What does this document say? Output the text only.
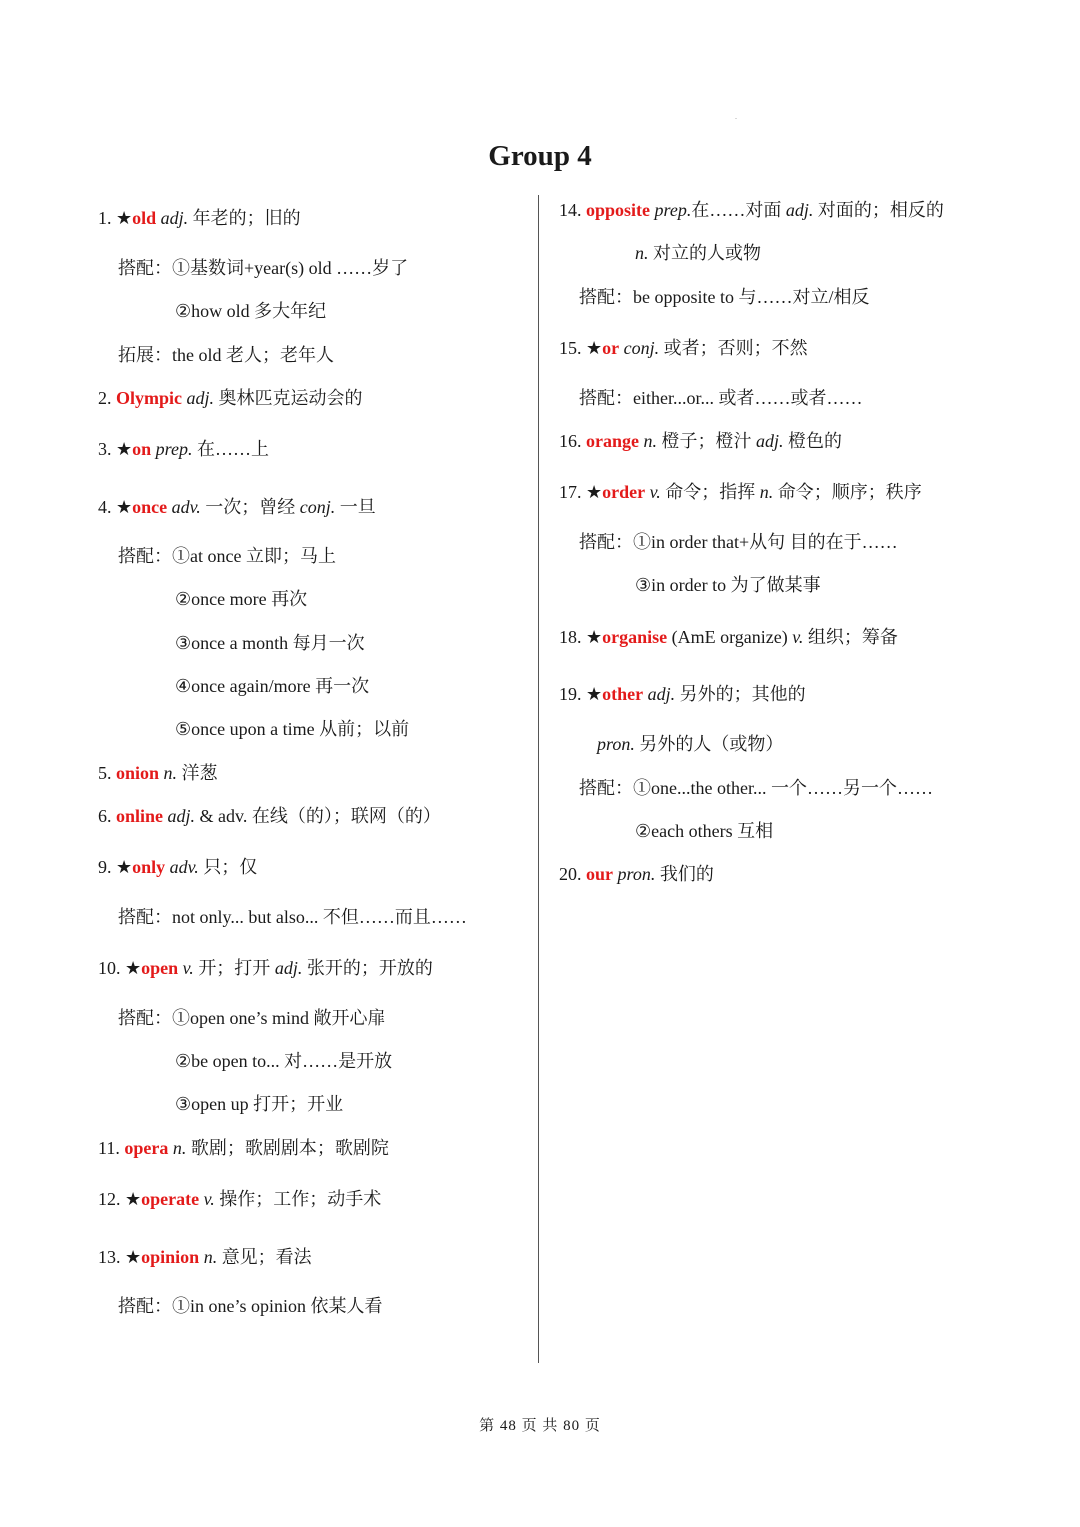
.
Group 4
1. ★old adj. 年老的；旧的
搭配：①基数词+year(s) old ……岁了
②how old 多大年纪
拓展：the old 老人；老年人
2. Olympic adj. 奥林匹克运动会的
3. ★on prep. 在……上
4. ★once adv. 一次；曾经 conj. 一旦
搭配：①at once 立即；马上
②once more 再次
③once a month 每月一次
④once again/more 再一次
⑤once upon a time 从前；以前
5. onion n. 洋葱
6. online adj. & adv. 在线（的）；联网（的）
9. ★only adv. 只；仅
搭配：not only... but also... 不但……而且……
10. ★open v. 开；打开 adj. 张开的；开放的
搭配：①open one’s mind 敞开心扉
②be open to... 对……是开放
③open up 打开；开业
11. opera n. 歌剧；歌剧剧本；歌剧院
12. ★operate v. 操作；工作；动手术
13. ★opinion n. 意见；看法
搭配：①in one’s opinion 依某人看
14. opposite prep.在……对面 adj. 对面的；相反的
n. 对立的人或物
搭配：be opposite to 与……对立/相反
15. ★or conj. 或者；否则；不然
搭配：either...or... 或者……或者……
16. orange n. 橙子；橙汁 adj. 橙色的
17. ★order v. 命令；指挥 n. 命令；顺序；秩序
搭配：①in order that+从句 目的在于……
③in order to 为了做某事
18. ★organise (AmE organize) v. 组织；筹备
19. ★other adj. 另外的；其他的
pron. 另外的人（或物）
搭配：①one...the other... 一个……另一个……
②each others 互相
20. our pron. 我们的
第 48 页 共 80 页
